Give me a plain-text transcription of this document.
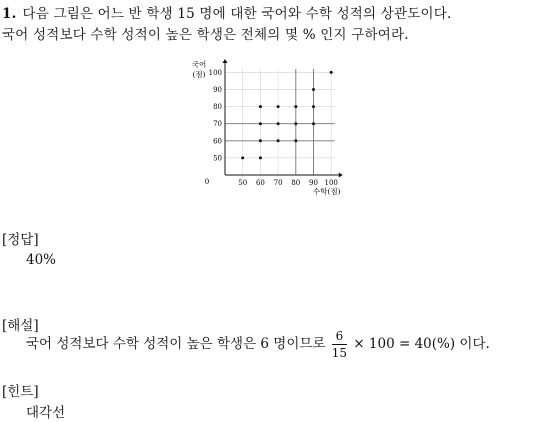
1. 다음 그림은 어느 반 학생 15 명에 대한 국어와 수학 성적의 상관도이다.
국어 성적보다 수학 성적이 높은 학생은 전체의 몇 % 인지 구하여라.
50 60 70 80 90 100
50
60
70
80
90
100
0
국어
(점)
수학(점)
[정답]
40%
[해설]
국어 성적보다 수학 성적이 높은 학생은 6 명이므로 $\frac{6}{15} \times 100 = 40(\%)$ 이다.
[힌트]
대각선
